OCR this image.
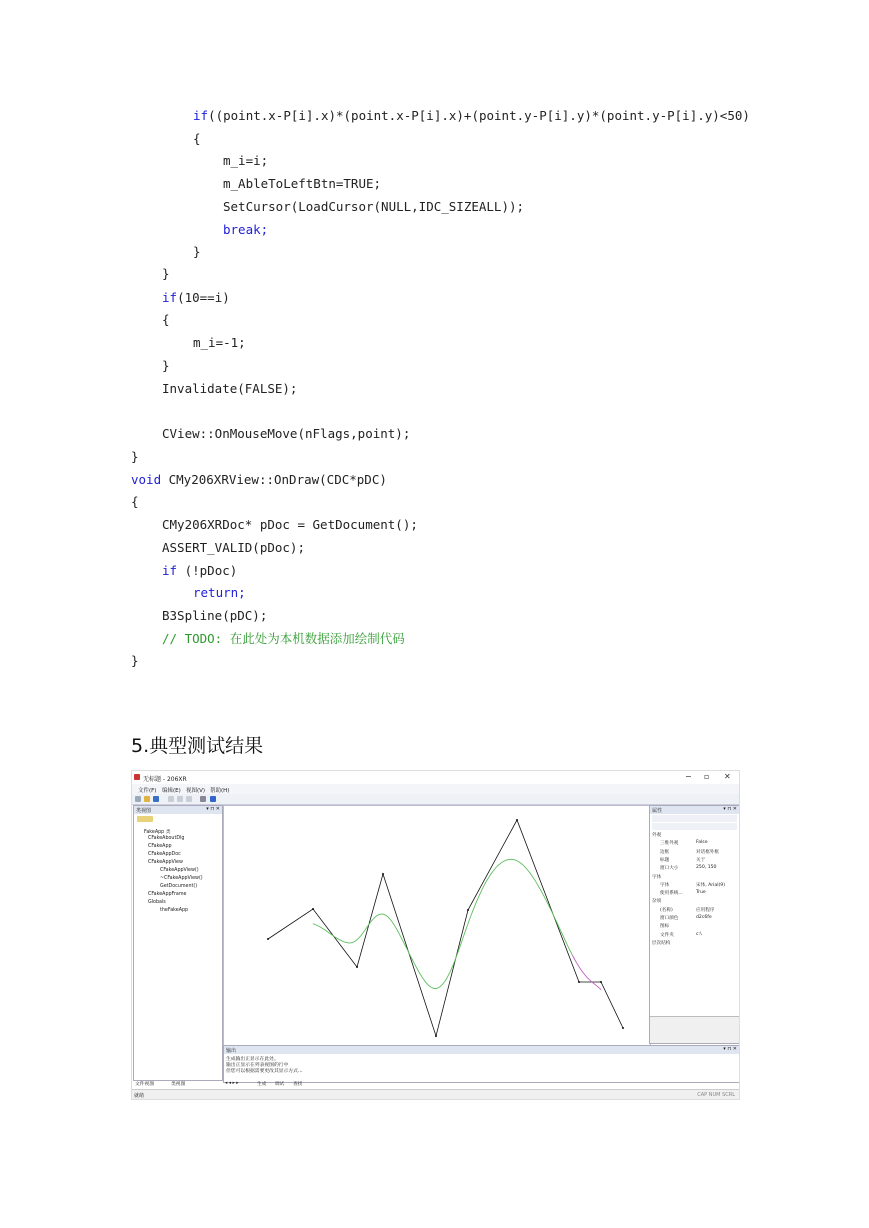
if((point.x-P[i].x)*(point.x-P[i].x)+(point.y-P[i].y)*(point.y-P[i].y)<50)
{
m_i=i;
m_AbleToLeftBtn=TRUE;
SetCursor(LoadCursor(NULL,IDC_SIZEALL));
break;
}
}
if(10==i)
{
m_i=-1;
}
Invalidate(FALSE);
CView::OnMouseMove(nFlags,point);
}
void CMy206XRView::OnDraw(CDC*pDC)
{
CMy206XRDoc* pDoc = GetDocument();
ASSERT_VALID(pDoc);
if (!pDoc)
return;
B3Spline(pDC);
// TODO: 在此处为本机数据添加绘制代码
}
5.典型测试结果
无标题 - 206XR	− ▫ ✕
文件(F) 编辑(E) 视图(V) 帮助(H)
类视图	▾ ⊓ ✕
FakeApp 类
CFakeAboutDlg
CFakeApp
CFakeAppDoc
CFakeAppView
CFakeAppView()
~CFakeAppView()
GetDocument()
CFakeAppFrame
Globals
theFakeApp
文件视图	类视图
属性	▾ ⊓ ✕
外观
三维外观	False
边框	对话框外框
标题	关于
窗口大小	250, 150
字体
字体	宋体, Arial(9)
使用系统...	True
杂项
(名称)	应用程序
窗口颜色	d2c6fe
图标
文件夹	c:\
层次结构
输出	▾ ⊓ ✕
生成输出正显示在此处。
输出正显示在列表视图的行中
但您可以根据需要更改其显示方式...
◂ ◂ ▸ ▸	生成 调试 查找
就绪	CAP NUM SCRL
